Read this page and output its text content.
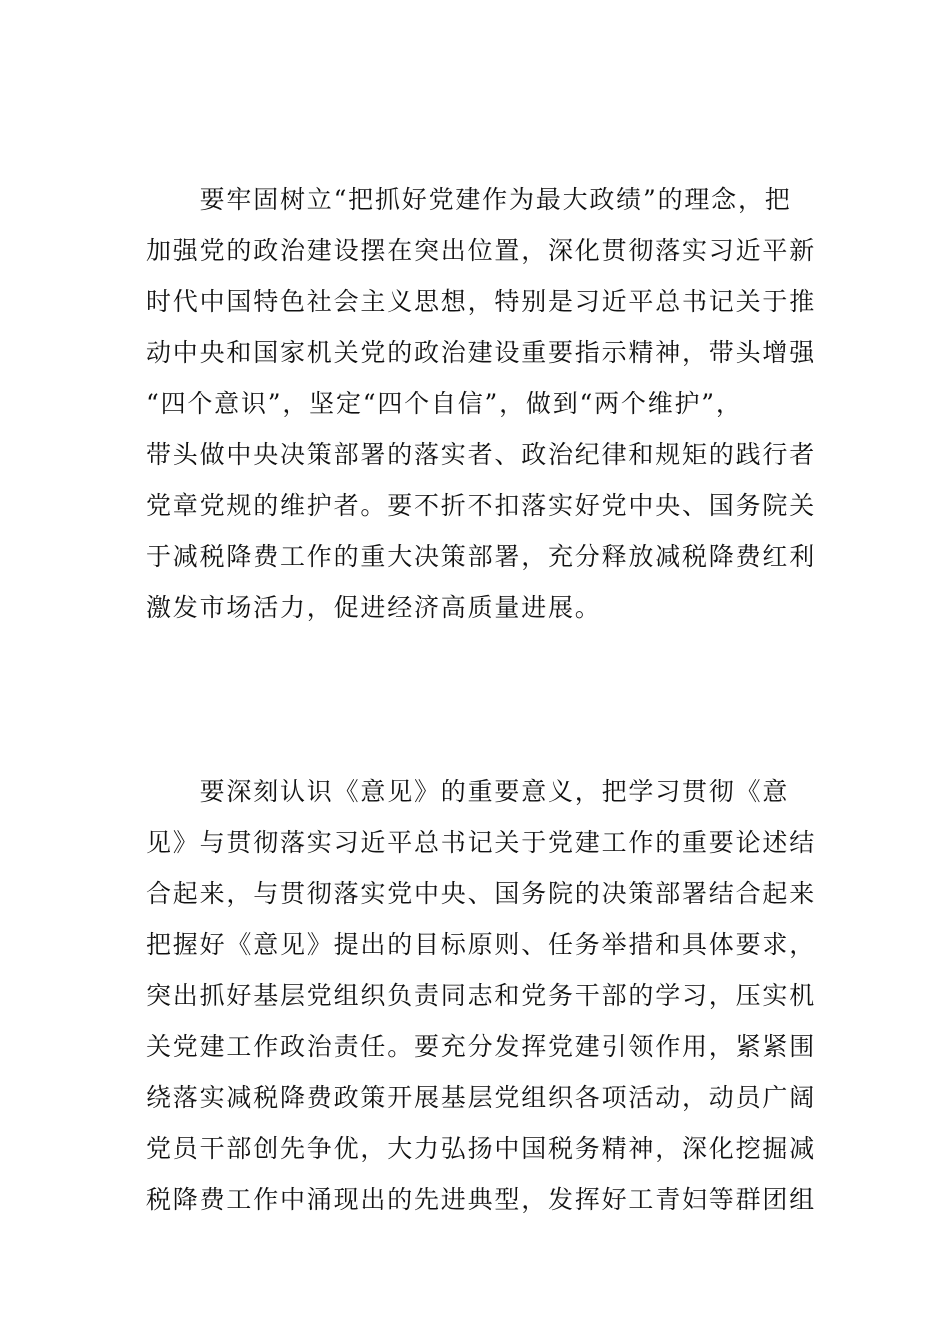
　　要牢固树立“把抓好党建作为最大政绩”的理念，把
加强党的政治建设摆在突出位置，深化贯彻落实习近平新
时代中国特色社会主义思想，特别是习近平总书记关于推
动中央和国家机关党的政治建设重要指示精神，带头增强
“四个意识”，坚定“四个自信”，做到“两个维护”，
带头做中央决策部署的落实者、政治纪律和规矩的践行者
党章党规的维护者。要不折不扣落实好党中央、国务院关
于减税降费工作的重大决策部署，充分释放减税降费红利
激发市场活力，促进经济高质量进展。
　　要深刻认识《意见》的重要意义，把学习贯彻《意
见》与贯彻落实习近平总书记关于党建工作的重要论述结
合起来，与贯彻落实党中央、国务院的决策部署结合起来
把握好《意见》提出的目标原则、任务举措和具体要求，
突出抓好基层党组织负责同志和党务干部的学习，压实机
关党建工作政治责任。要充分发挥党建引领作用，紧紧围
绕落实减税降费政策开展基层党组织各项活动，动员广阔
党员干部创先争优，大力弘扬中国税务精神，深化挖掘减
税降费工作中涌现出的先进典型，发挥好工青妇等群团组
